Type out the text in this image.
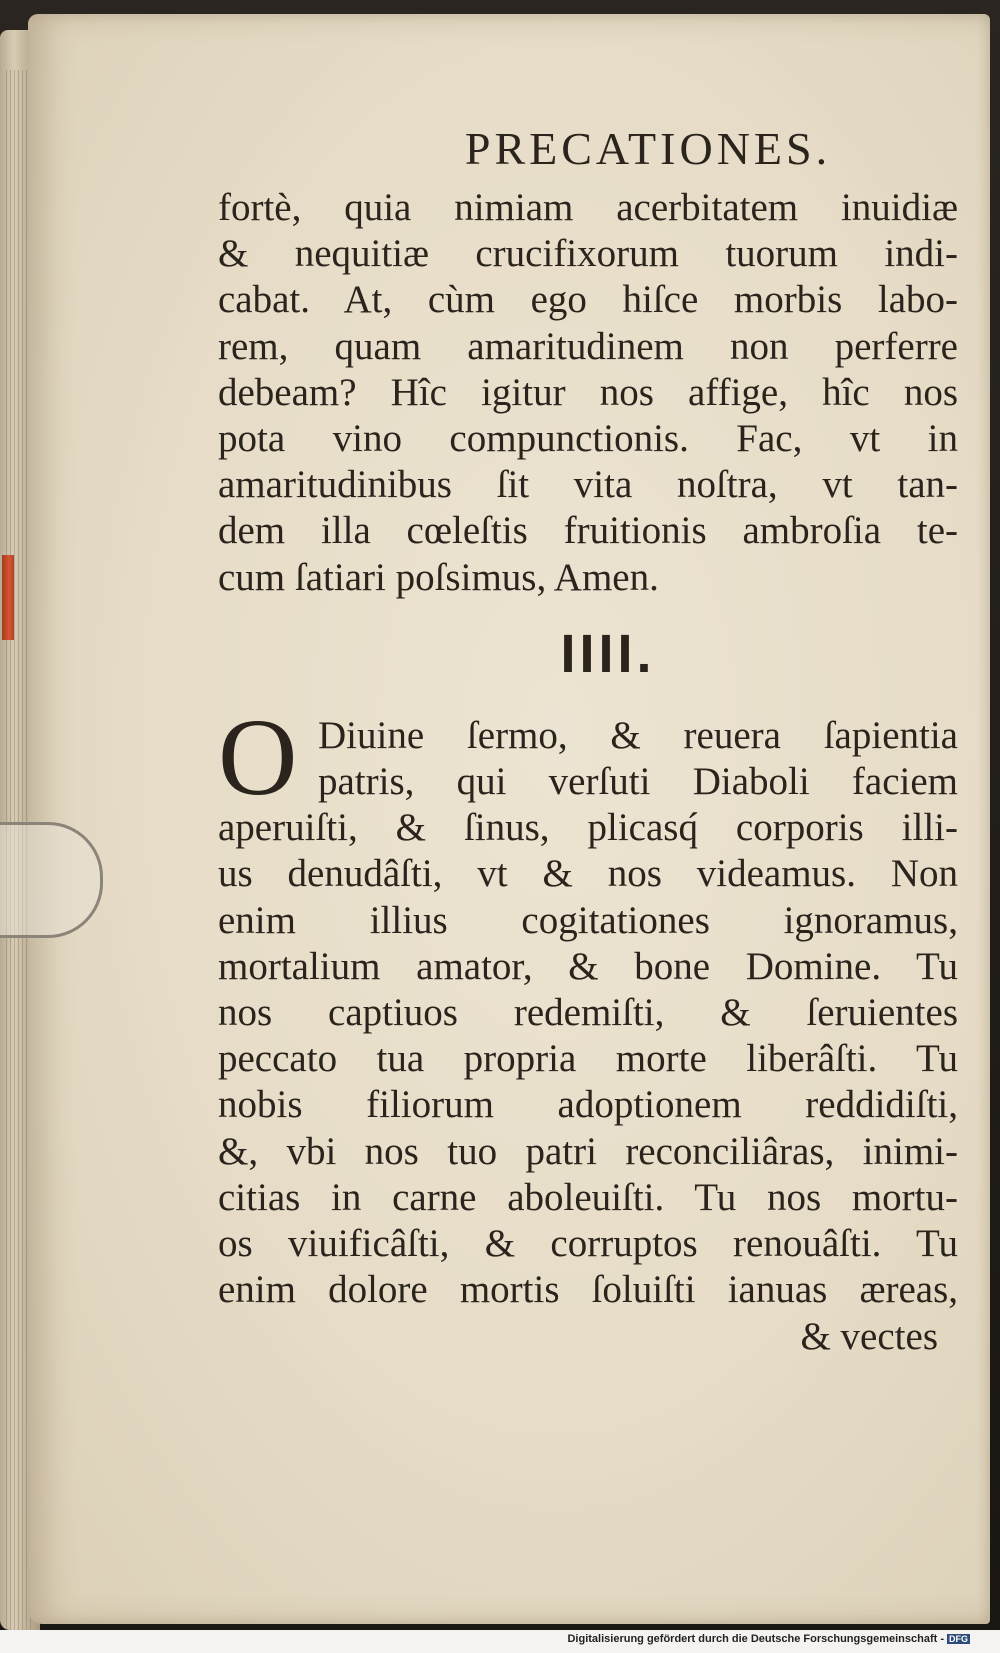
PRECATIONES.
fortè, quia nimiam acerbitatem inuidiæ
& nequitiæ crucifixorum tuorum indi-
cabat. At, cùm ego hiſce morbis labo-
rem, quam amaritudinem non perferre
debeam? Hîc igitur nos affige, hîc nos
pota vino compunctionis. Fac, vt in
amaritudinibus ſit vita noſtra, vt tan-
dem illa cœleſtis fruitionis ambroſia te-
cum ſatiari poſsimus, Amen.
IIII.
O Diuine ſermo, & reuera ſapientia
patris, qui verſuti Diaboli faciem
aperuiſti, & ſinus, plicasq́ corporis illi-
us denudâſti, vt & nos videamus. Non
enim illius cogitationes ignoramus,
mortalium amator, & bone Domine. Tu
nos captiuos redemiſti, & ſeruientes
peccato tua propria morte liberâſti. Tu
nobis filiorum adoptionem reddidiſti,
&, vbi nos tuo patri reconciliâras, inimi-
citias in carne aboleuiſti. Tu nos mortu-
os viuificâſti, & corruptos renouâſti. Tu
enim dolore mortis ſoluiſti ianuas æreas,
& vectes
Digitalisierung gefördert durch die Deutsche Forschungsgemeinschaft - DFG
